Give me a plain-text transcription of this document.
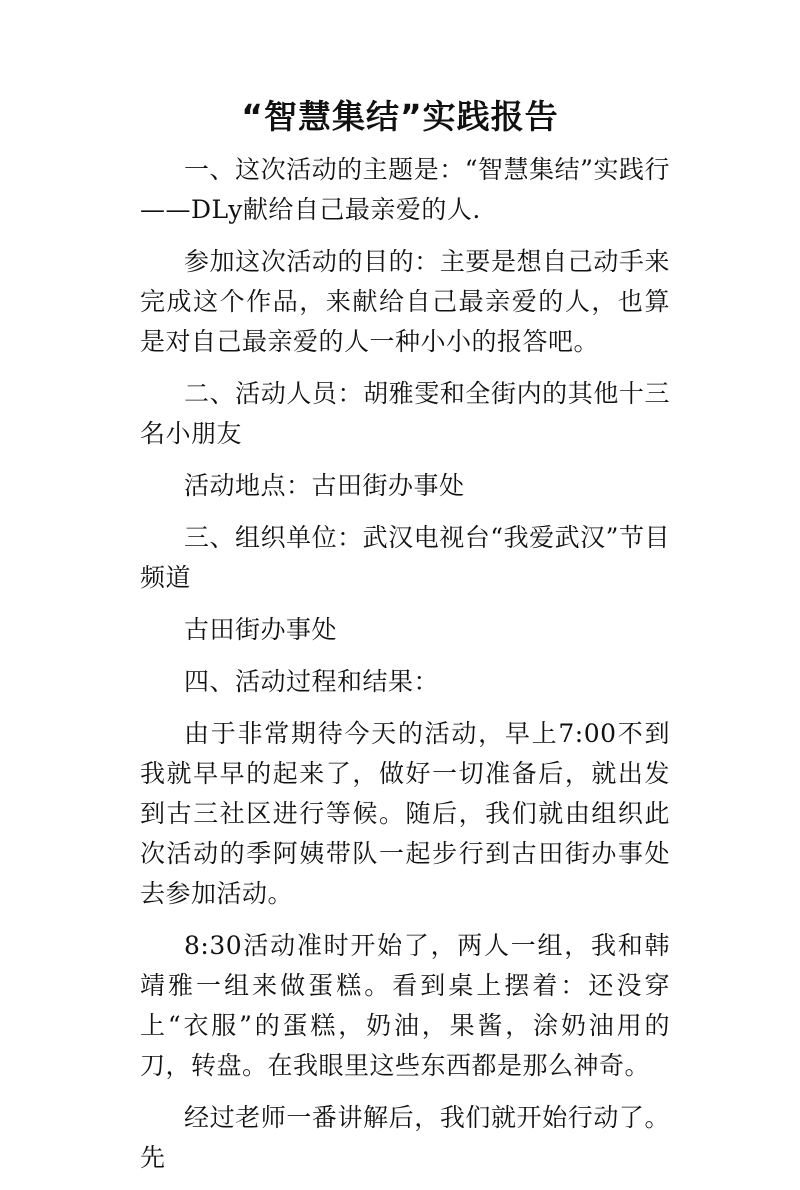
“智慧集结”实践报告

一、这次活动的主题是：“智慧集结”实践行——DLy献给自己最亲爱的人.

参加这次活动的目的：主要是想自己动手来完成这个作品，来献给自己最亲爱的人，也算是对自己最亲爱的人一种小小的报答吧。

二、活动人员：胡雅雯和全街内的其他十三名小朋友

活动地点：古田街办事处

三、组织单位：武汉电视台“我爱武汉”节目频道

古田街办事处

四、活动过程和结果：

由于非常期待今天的活动，早上7:00不到我就早早的起来了，做好一切准备后，就出发到古三社区进行等候。随后，我们就由组织此次活动的季阿姨带队一起步行到古田街办事处去参加活动。

8:30活动准时开始了，两人一组，我和韩靖雅一组来做蛋糕。看到桌上摆着：还没穿上“衣服”的蛋糕，奶油，果酱，涂奶油用的刀，转盘。在我眼里这些东西都是那么神奇。

经过老师一番讲解后，我们就开始行动了。先
